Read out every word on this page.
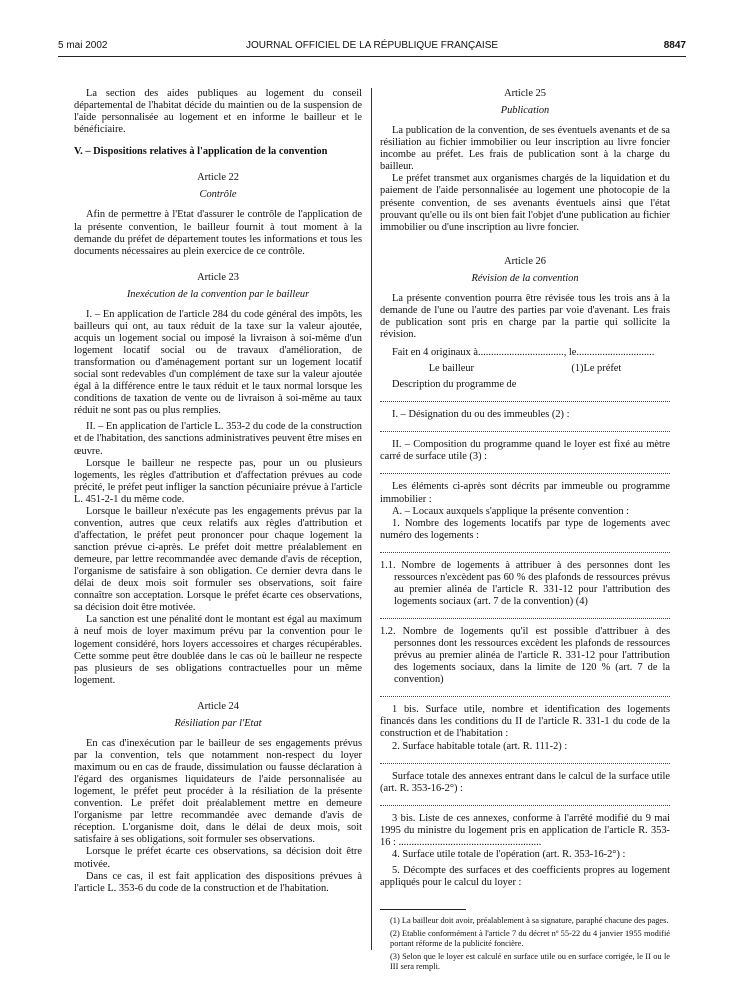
5 mai 2002	JOURNAL OFFICIEL DE LA RÉPUBLIQUE FRANÇAISE	8847

La section des aides publiques au logement du conseil départemental de l'habitat décide du maintien ou de la suspension de l'aide personnalisée au logement et en informe le bailleur et le bénéficiaire.

V. – Dispositions relatives à l'application de la convention

Article 22
Contrôle

Afin de permettre à l'Etat d'assurer le contrôle de l'application de la présente convention, le bailleur fournit à tout moment à la demande du préfet de département toutes les informations et tous les documents nécessaires au plein exercice de ce contrôle.

Article 23
Inexécution de la convention par le bailleur

I. – En application de l'article 284 du code général des impôts, les bailleurs qui ont, au taux réduit de la taxe sur la valeur ajoutée, acquis un logement social ou imposé la livraison à soi-même d'un logement locatif social ou de travaux d'amélioration, de transformation ou d'aménagement portant sur un logement locatif social sont redevables d'un complément de taxe sur la valeur ajoutée égal à la différence entre le taux réduit et le taux normal lorsque les conditions de taxation de vente ou de livraison à soi-même au taux réduit ne sont pas ou plus remplies.

II. – En application de l'article L. 353-2 du code de la construction et de l'habitation, des sanctions administratives peuvent être mises en œuvre.

Lorsque le bailleur ne respecte pas, pour un ou plusieurs logements, les règles d'attribution et d'affectation prévues au code précité, le préfet peut infliger la sanction pécuniaire prévue à l'article L. 451-2-1 du même code.

Lorsque le bailleur n'exécute pas les engagements prévus par la convention, autres que ceux relatifs aux règles d'attribution et d'affectation, le préfet peut prononcer pour chaque logement la sanction prévue ci-après. Le préfet doit mettre préalablement en demeure, par lettre recommandée avec demande d'avis de réception, l'organisme de satisfaire à son obligation. Ce dernier devra dans le délai de deux mois soit formuler ses observations, soit faire connaître son acceptation. Lorsque le préfet écarte ces observations, sa décision doit être motivée.

La sanction est une pénalité dont le montant est égal au maximum à neuf mois de loyer maximum prévu par la convention pour le logement considéré, hors loyers accessoires et charges récupérables. Cette somme peut être doublée dans le cas où le bailleur ne respecte pas plusieurs de ses obligations contractuelles pour un même logement.

Article 24
Résiliation par l'Etat

En cas d'inexécution par le bailleur de ses engagements prévus par la convention, tels que notamment non-respect du loyer maximum ou en cas de fraude, dissimulation ou fausse déclaration à l'égard des organismes liquidateurs de l'aide personnalisée au logement, le préfet peut procéder à la résiliation de la présente convention. Le préfet doit préalablement mettre en demeure l'organisme par lettre recommandée avec demande d'avis de réception. L'organisme doit, dans le délai de deux mois, soit satisfaire à ses obligations, soit formuler ses observations.

Lorsque le préfet écarte ces observations, sa décision doit être motivée.

Dans ce cas, il est fait application des dispositions prévues à l'article L. 353-6 du code de la construction et de l'habitation.

Article 25
Publication

La publication de la convention, de ses éventuels avenants et de sa résiliation au fichier immobilier ou leur inscription au livre foncier incombe au préfet. Les frais de publication sont à la charge du bailleur.

Le préfet transmet aux organismes chargés de la liquidation et du paiement de l'aide personnalisée au logement une photocopie de la présente convention, de ses avenants éventuels ainsi que l'état prouvant qu'elle ou ils ont bien fait l'objet d'une publication au fichier immobilier ou d'une inscription au livre foncier.

Article 26
Révision de la convention

La présente convention pourra être révisée tous les trois ans à la demande de l'une ou l'autre des parties par voie d'avenant. Les frais de publication sont pris en charge par la partie qui sollicite la révision.

Fait en 4 originaux à................................., le..............................

Le bailleur	(1)Le préfet

Description du programme de

I. – Désignation du ou des immeubles (2) :

II. – Composition du programme quand le loyer est fixé au mètre carré de surface utile (3) :

Les éléments ci-après sont décrits par immeuble ou programme immobilier :

A. – Locaux auxquels s'applique la présente convention :

1. Nombre des logements locatifs par type de logements avec numéro des logements :

1.1. Nombre de logements à attribuer à des personnes dont les ressources n'excèdent pas 60 % des plafonds de ressources prévus au premier alinéa de l'article R. 331-12 pour l'attribution des logements sociaux (art. 7 de la convention) (4)

1.2. Nombre de logements qu'il est possible d'attribuer à des personnes dont les ressources excèdent les plafonds de ressources prévus au premier alinéa de l'article R. 331-12 pour l'attribution des logements sociaux, dans la limite de 120 % (art. 7 de la convention)

1 bis. Surface utile, nombre et identification des logements financés dans les conditions du II de l'article R. 331-1 du code de la construction et de l'habitation :

2. Surface habitable totale (art. R. 111-2) :

Surface totale des annexes entrant dans le calcul de la surface utile (art. R. 353-16-2°) :

3 bis. Liste de ces annexes, conforme à l'arrêté modifié du 9 mai 1995 du ministre du logement pris en application de l'article R. 353-16 : .......................................................

4. Surface utile totale de l'opération (art. R. 353-16-2°) :

5. Décompte des surfaces et des coefficients propres au logement appliqués pour le calcul du loyer :

(1) La bailleur doit avoir, préalablement à sa signature, paraphé chacune des pages.

(2) Etablie conformément à l'article 7 du décret nº 55-22 du 4 janvier 1955 modifié portant réforme de la publicité foncière.

(3) Selon que le loyer est calculé en surface utile ou en surface corrigée, le II ou le III sera rempli.
